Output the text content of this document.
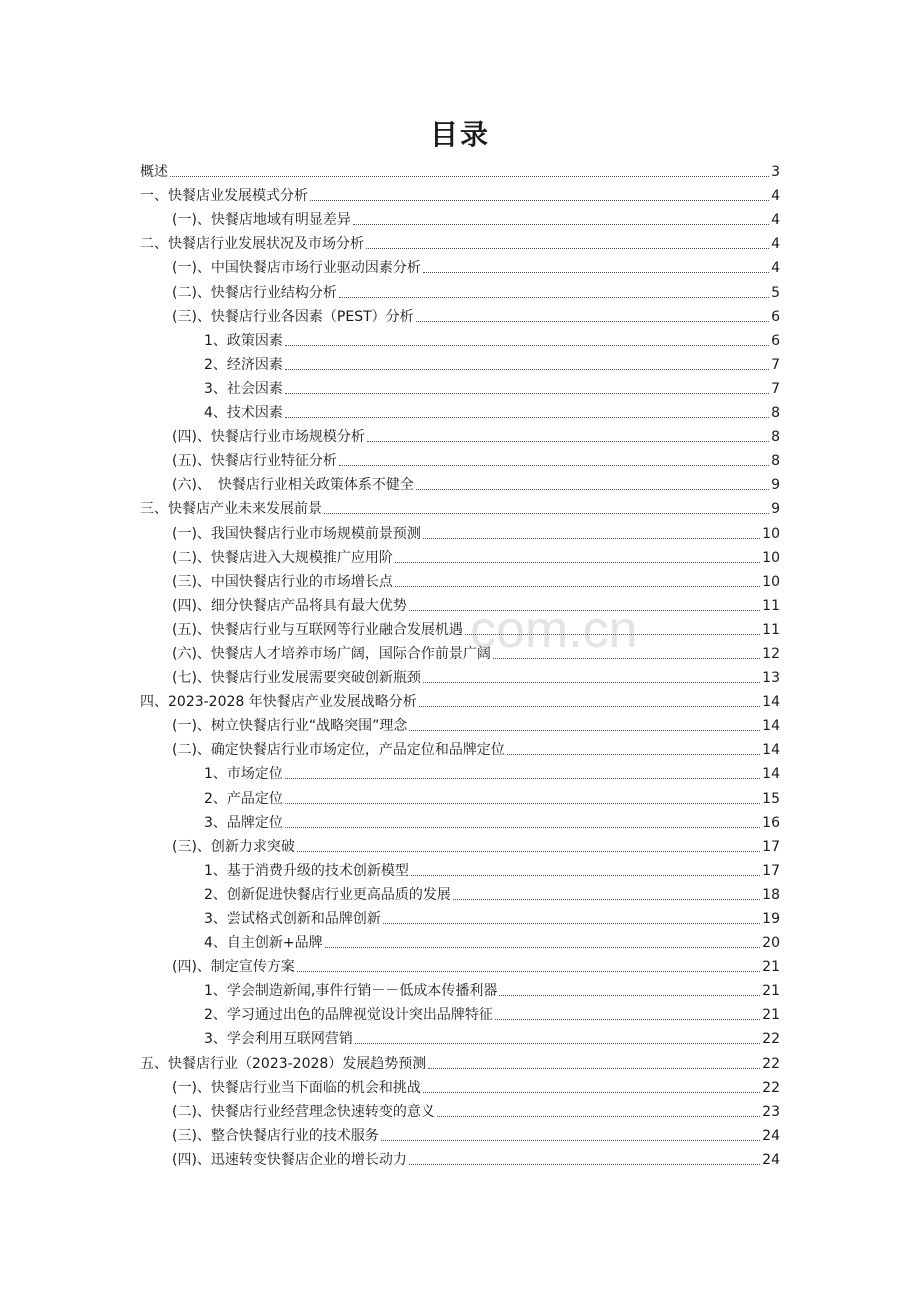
目录
com.cn
概述	3
一、快餐店业发展模式分析	4
(一)、快餐店地域有明显差异	4
二、快餐店行业发展状况及市场分析	4
(一)、中国快餐店市场行业驱动因素分析	4
(二)、快餐店行业结构分析	5
(三)、快餐店行业各因素（PEST）分析	6
1、政策因素	6
2、经济因素	7
3、社会因素	7
4、技术因素	8
(四)、快餐店行业市场规模分析	8
(五)、快餐店行业特征分析	8
(六)、　快餐店行业相关政策体系不健全	9
三、快餐店产业未来发展前景	9
(一)、我国快餐店行业市场规模前景预测	10
(二)、快餐店进入大规模推广应用阶	10
(三)、中国快餐店行业的市场增长点	10
(四)、细分快餐店产品将具有最大优势	11
(五)、快餐店行业与互联网等行业融合发展机遇	11
(六)、快餐店人才培养市场广阔，国际合作前景广阔	12
(七)、快餐店行业发展需要突破创新瓶颈	13
四、2023-2028 年快餐店产业发展战略分析	14
(一)、树立快餐店行业“战略突围”理念	14
(二)、确定快餐店行业市场定位，产品定位和品牌定位	14
1、市场定位	14
2、产品定位	15
3、品牌定位	16
(三)、创新力求突破	17
1、基于消费升级的技术创新模型	17
2、创新促进快餐店行业更高品质的发展	18
3、尝试格式创新和品牌创新	19
4、自主创新+品牌	20
(四)、制定宣传方案	21
1、学会制造新闻,事件行销－－低成本传播利器	21
2、学习通过出色的品牌视觉设计突出品牌特征	21
3、学会利用互联网营销	22
五、快餐店行业（2023-2028）发展趋势预测	22
(一)、快餐店行业当下面临的机会和挑战	22
(二)、快餐店行业经营理念快速转变的意义	23
(三)、整合快餐店行业的技术服务	24
(四)、迅速转变快餐店企业的增长动力	24
